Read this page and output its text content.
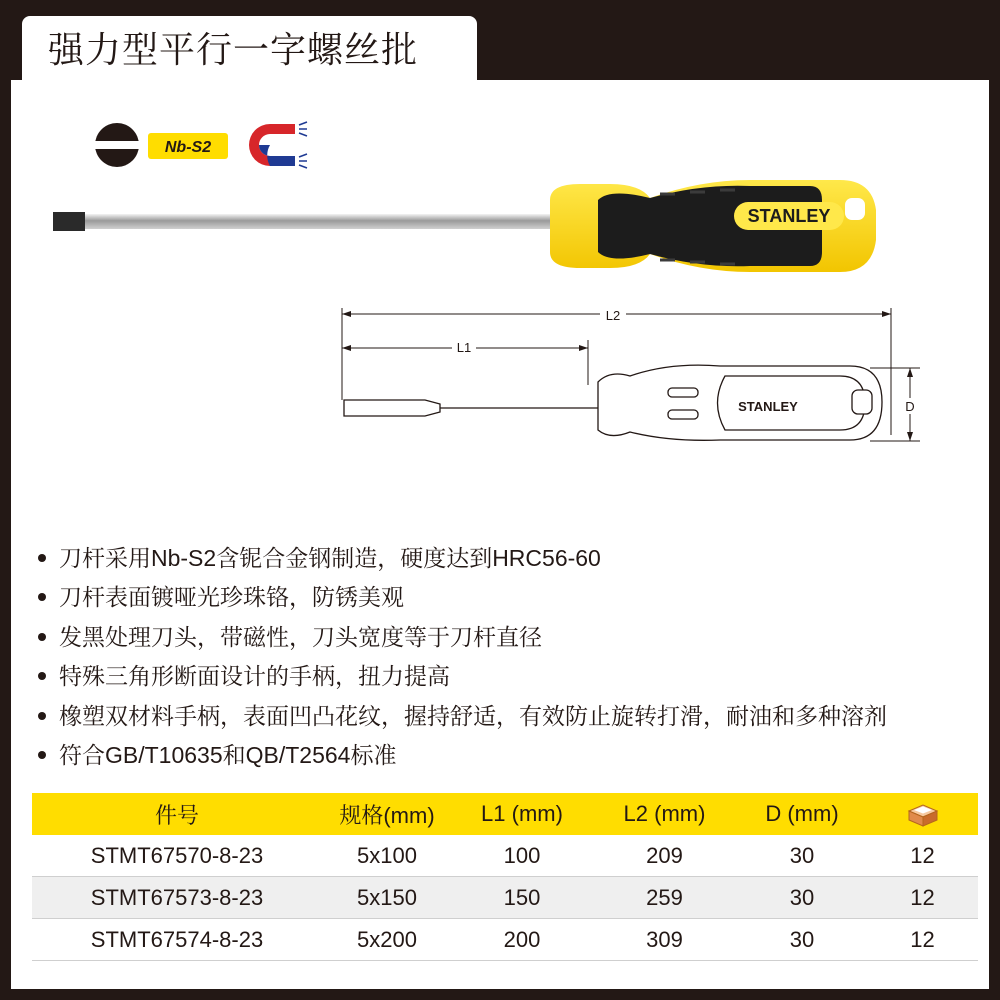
强力型平行一字螺丝批
Nb-S2
STANLEY
L2
L1
D
STANLEY
刀杆采用Nb-S2含铌合金钢制造，硬度达到HRC56-60
刀杆表面镀哑光珍珠铬，防锈美观
发黑处理刀头，带磁性，刀头宽度等于刀杆直径
特殊三角形断面设计的手柄，扭力提高
橡塑双材料手柄，表面凹凸花纹，握持舒适，有效防止旋转打滑，耐油和多种溶剂
符合GB/T10635和QB/T2564标准
件号	规格(mm)	L1 (mm)	L2 (mm)	D (mm)
STMT67570-8-23	5x100	100	209	30	12
STMT67573-8-23	5x150	150	259	30	12
STMT67574-8-23	5x200	200	309	30	12
